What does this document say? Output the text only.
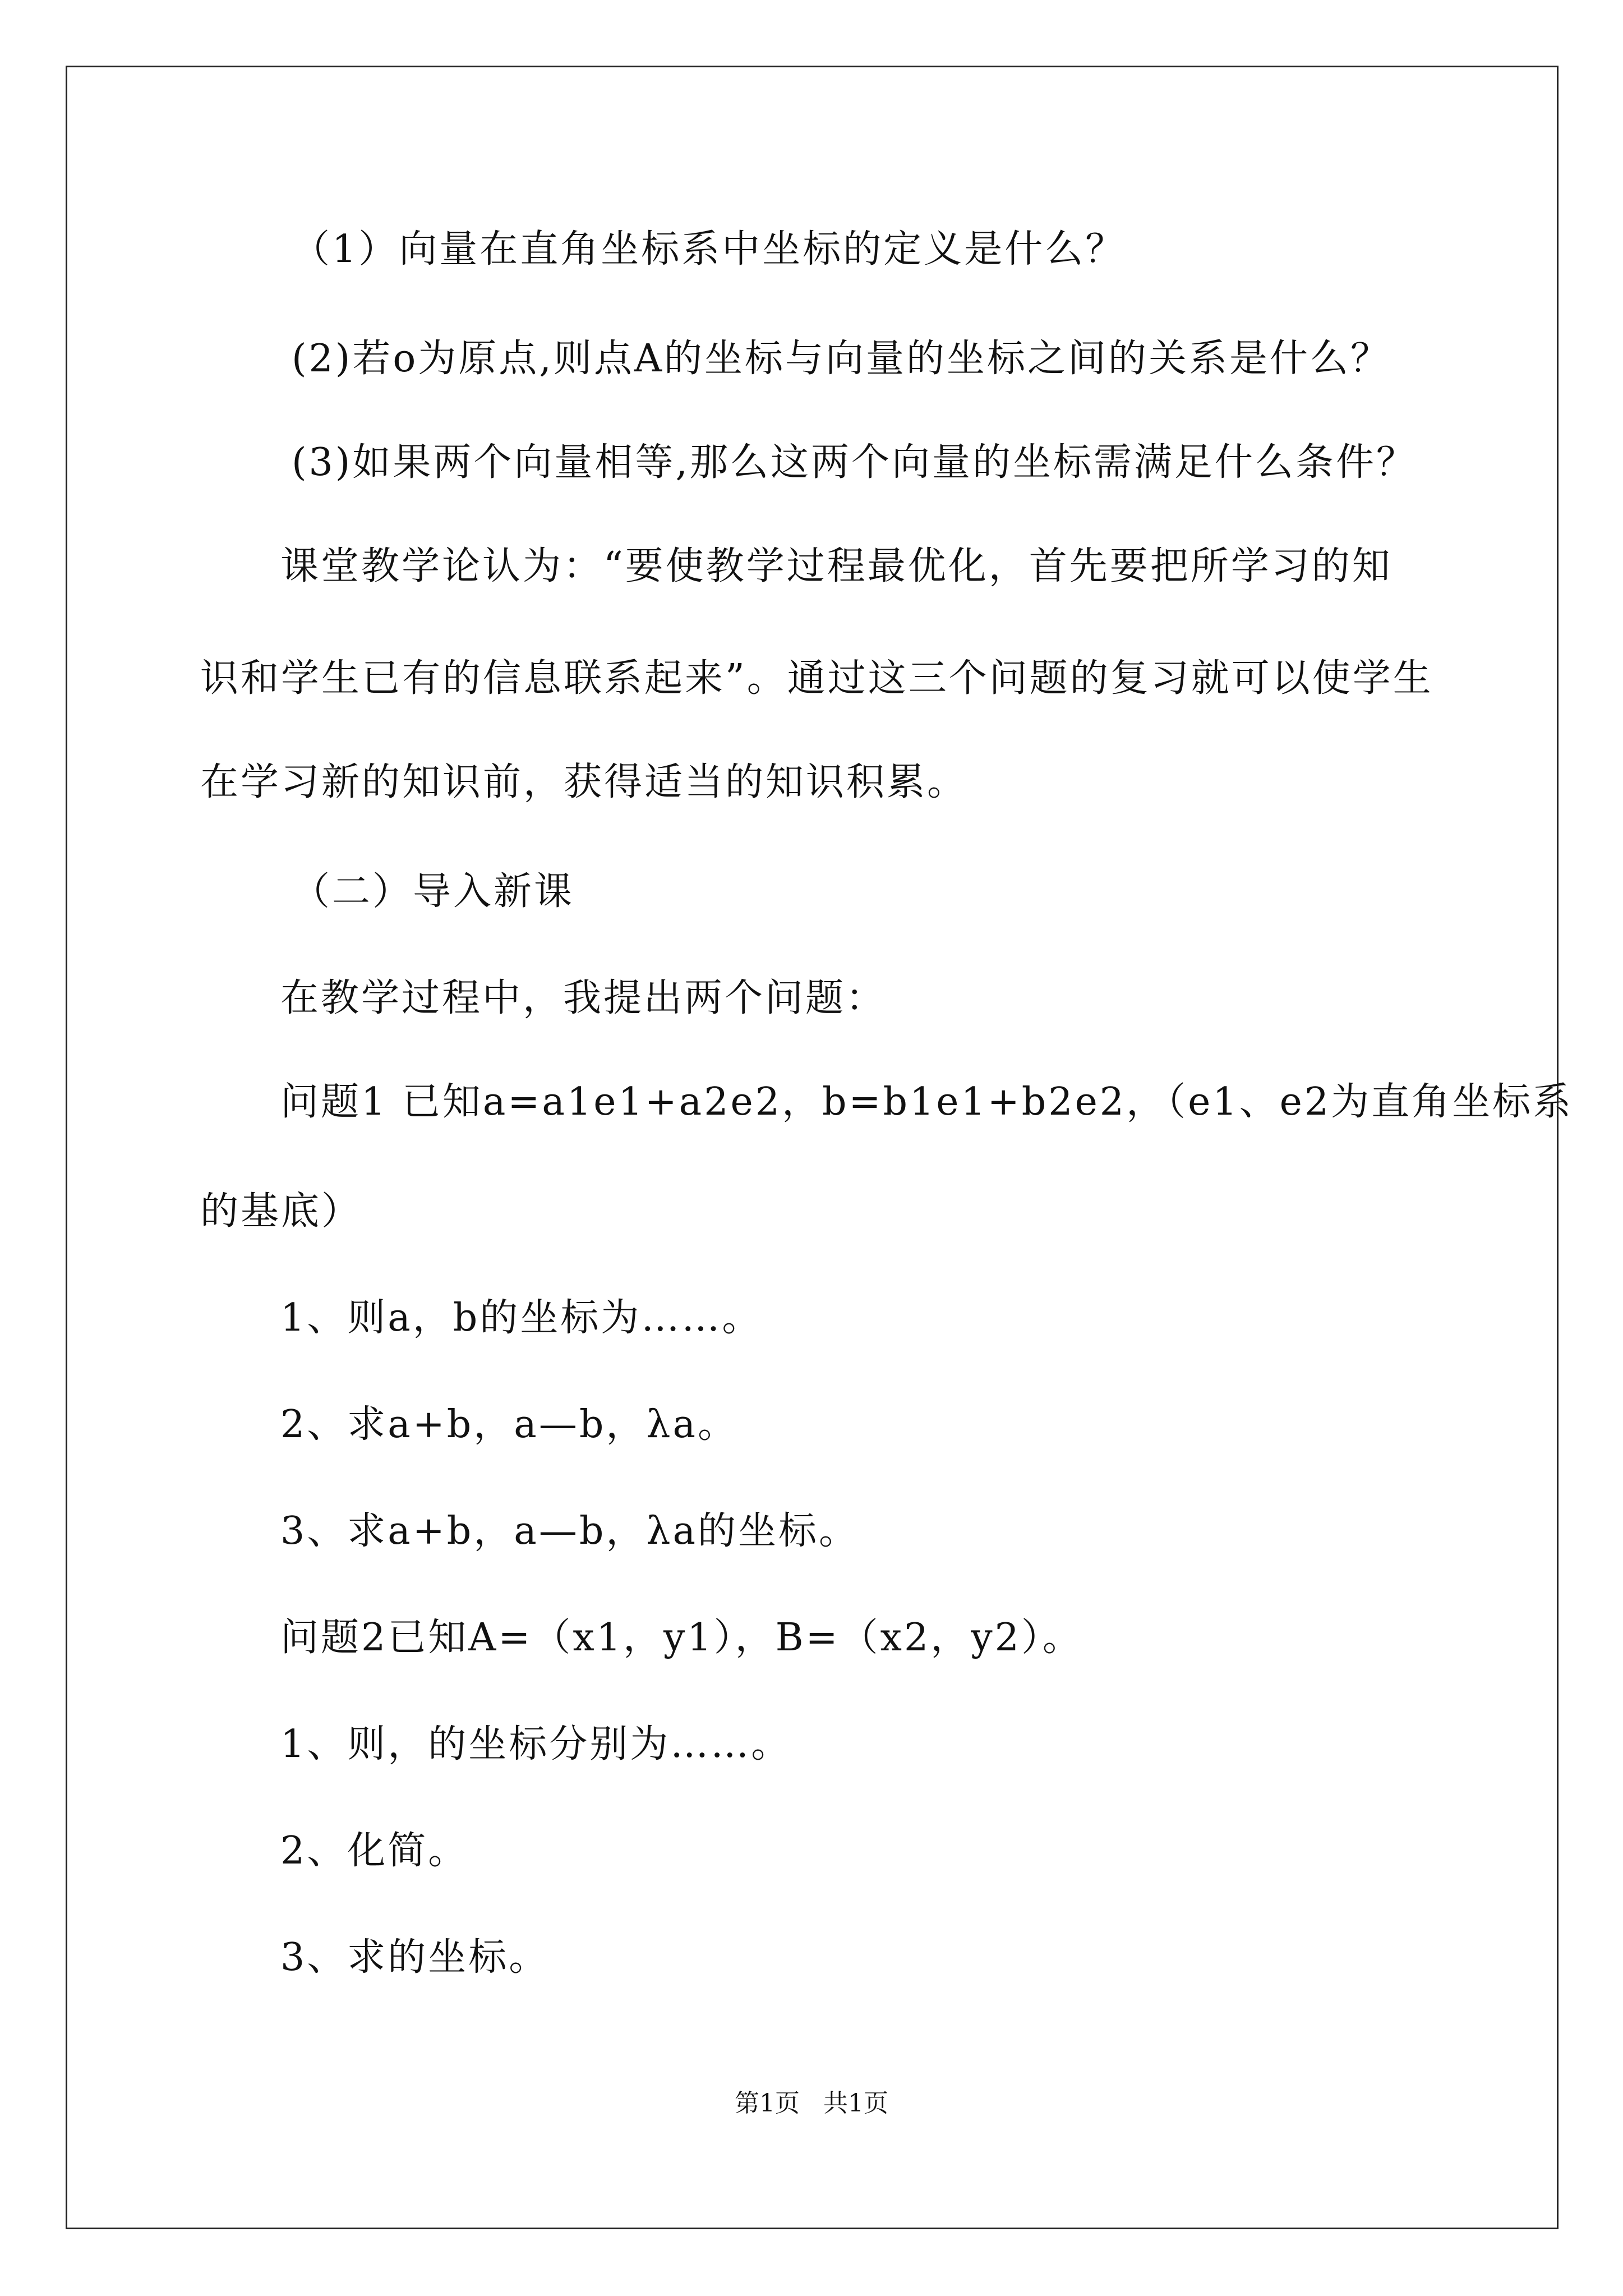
（1）向量在直角坐标系中坐标的定义是什么？
(2)若o为原点,则点A的坐标与向量的坐标之间的关系是什么？
(3)如果两个向量相等,那么这两个向量的坐标需满足什么条件？
课堂教学论认为：“要使教学过程最优化，首先要把所学习的知
识和学生已有的信息联系起来”。通过这三个问题的复习就可以使学生
在学习新的知识前，获得适当的知识积累。
（二）导入新课
在教学过程中，我提出两个问题：
问题1 已知a=a1e1+a2e2，b=b1e1+b2e2，（e1、e2为直角坐标系
的基底）
1、则a，b的坐标为……。
2、求a+b，a—b，λa。
3、求a+b，a—b，λa的坐标。
问题2已知A=（x1，y1），B=（x2，y2）。
1、则，的坐标分别为……。
2、化简。
3、求的坐标。
第1页   共1页
